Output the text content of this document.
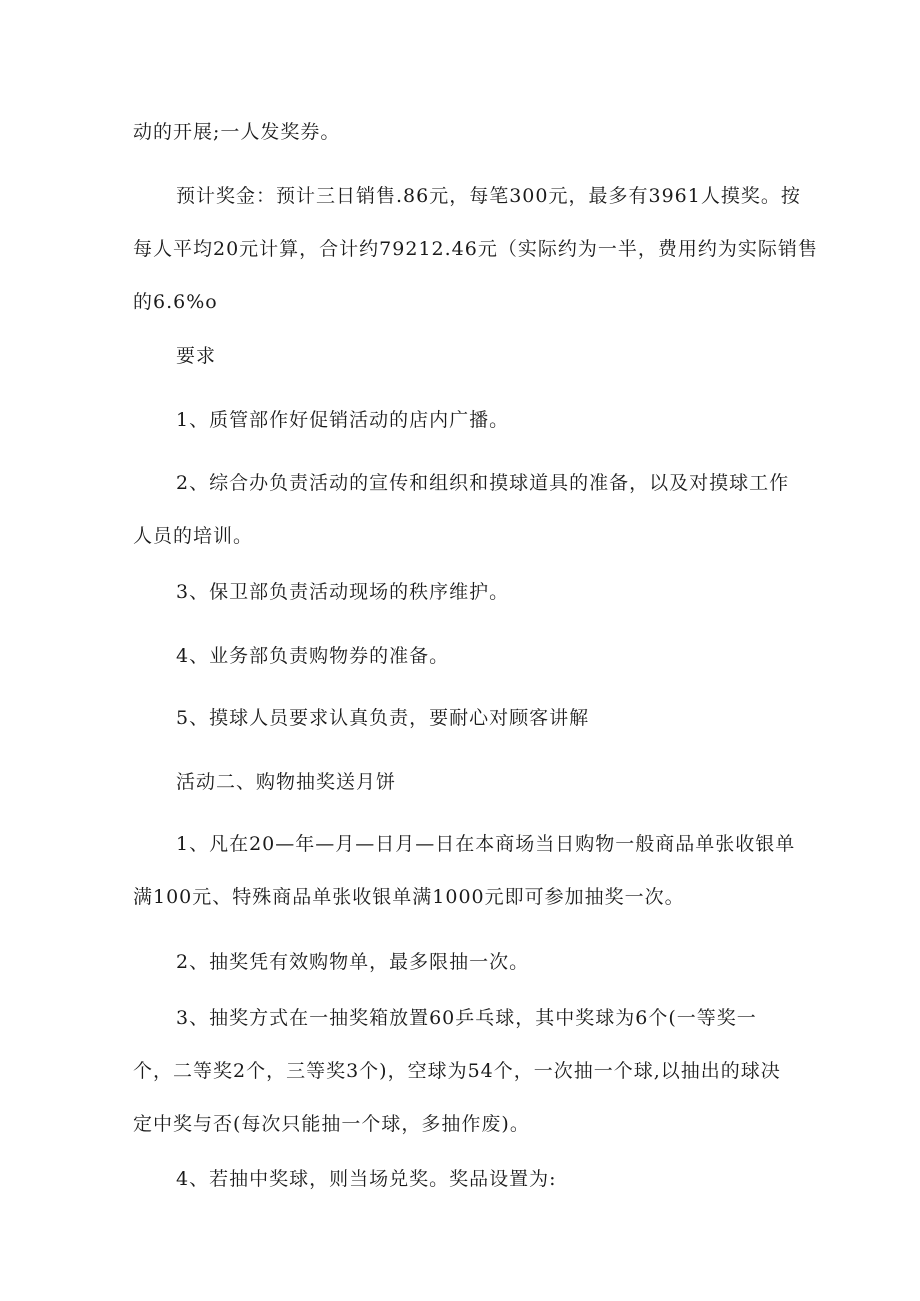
动的开展;一人发奖券。

预计奖金：预计三日销售.86元，每笔300元，最多有3961人摸奖。按
每人平均20元计算，合计约79212.46元（实际约为一半，费用约为实际销售
的6.6%o

要求

1、质管部作好促销活动的店内广播。

2、综合办负责活动的宣传和组织和摸球道具的准备，以及对摸球工作
人员的培训。

3、保卫部负责活动现场的秩序维护。

4、业务部负责购物券的准备。

5、摸球人员要求认真负责，要耐心对顾客讲解

活动二、购物抽奖送月饼

1、凡在20—年—月—日月—日在本商场当日购物一般商品单张收银单
满100元、特殊商品单张收银单满1000元即可参加抽奖一次。

2、抽奖凭有效购物单，最多限抽一次。

3、抽奖方式在一抽奖箱放置60乒乓球，其中奖球为6个(一等奖一
个，二等奖2个，三等奖3个)，空球为54个，一次抽一个球,以抽出的球决
定中奖与否(每次只能抽一个球，多抽作废)。

4、若抽中奖球，则当场兑奖。奖品设置为:
